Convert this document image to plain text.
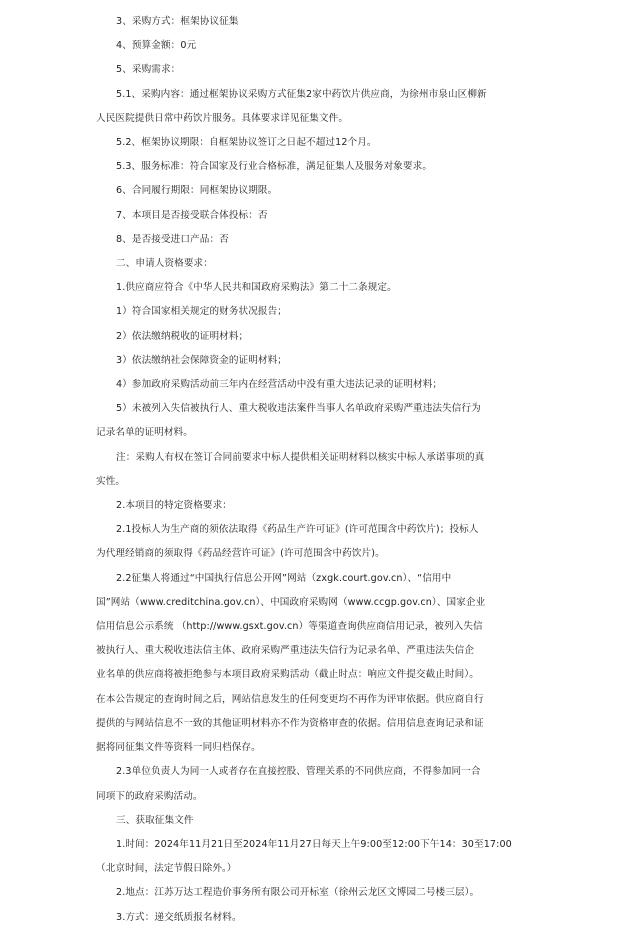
3、采购方式：框架协议征集
4、预算金额：0元
5、采购需求：
5.1、采购内容：通过框架协议采购方式征集2家中药饮片供应商，为徐州市泉山区柳新
人民医院提供日常中药饮片服务。具体要求详见征集文件。
5.2、框架协议期限：自框架协议签订之日起不超过12个月。
5.3、服务标准：符合国家及行业合格标准，满足征集人及服务对象要求。
6、合同履行期限：同框架协议期限。
7、本项目是否接受联合体投标：否
8、是否接受进口产品：否
二、申请人资格要求：
1.供应商应符合《中华人民共和国政府采购法》第二十二条规定。
1）符合国家相关规定的财务状况报告；
2）依法缴纳税收的证明材料；
3）依法缴纳社会保障资金的证明材料；
4）参加政府采购活动前三年内在经营活动中没有重大违法记录的证明材料；
5）未被列入失信被执行人、重大税收违法案件当事人名单政府采购严重违法失信行为
记录名单的证明材料。
注：采购人有权在签订合同前要求中标人提供相关证明材料以核实中标人承诺事项的真
实性。
2.本项目的特定资格要求：
2.1投标人为生产商的须依法取得《药品生产许可证》(许可范围含中药饮片)；投标人
为代理经销商的须取得《药品经营许可证》(许可范围含中药饮片)。
2.2征集人将通过“中国执行信息公开网”网站（zxgk.court.gov.cn）、“信用中
国”网站（www.creditchina.gov.cn）、中国政府采购网（www.ccgp.gov.cn）、国家企业
信用信息公示系统 （http://www.gsxt.gov.cn）等渠道查询供应商信用记录，被列入失信
被执行人、重大税收违法信主体、政府采购严重违法失信行为记录名单、严重违法失信企
业名单的供应商将被拒绝参与本项目政府采购活动（截止时点：响应文件提交截止时间）。
在本公告规定的查询时间之后，网站信息发生的任何变更均不再作为评审依据。供应商自行
提供的与网站信息不一致的其他证明材料亦不作为资格审查的依据。信用信息查询记录和证
据将同征集文件等资料一同归档保存。
2.3单位负责人为同一人或者存在直接控股、管理关系的不同供应商，不得参加同一合
同项下的政府采购活动。
三、获取征集文件
1.时间：2024年11月21日至2024年11月27日每天上午9:00至12:00下午14：30至17:00
（北京时间，法定节假日除外。）
2.地点：江苏万达工程造价事务所有限公司开标室（徐州云龙区文博园二号楼三层）。
3.方式：递交纸质报名材料。
